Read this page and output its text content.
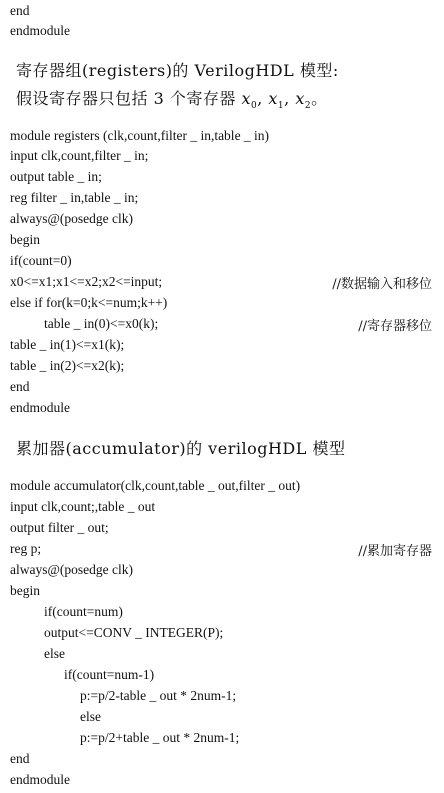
end
endmodule
寄存器组(registers)的 VerilogHDL 模型:
假设寄存器只包括 3 个寄存器 $x_0$, $x_1$, $x_2$。
module registers (clk,count,filter _ in,table _ in)
input clk,count,filter _ in;
output table _ in;
reg filter _ in,table _ in;
always@(posedge clk)
begin
if(count=0)
x0<=x1;x1<=x2;x2<=input;	//数据输入和移位
else if for(k=0;k<=num;k++)
table _ in(0)<=x0(k);	//寄存器移位
table _ in(1)<=x1(k);
table _ in(2)<=x2(k);
end
endmodule
累加器(accumulator)的 verilogHDL 模型
module accumulator(clk,count,table _ out,filter _ out)
input clk,count;,table _ out
output filter _ out;
reg p;	//累加寄存器
always@(posedge clk)
begin
if(count=num)
output<=CONV _ INTEGER(P);
else
if(count=num-1)
p:=p/2-table _ out * 2num-1;
else
p:=p/2+table _ out * 2num-1;
end
endmodule
